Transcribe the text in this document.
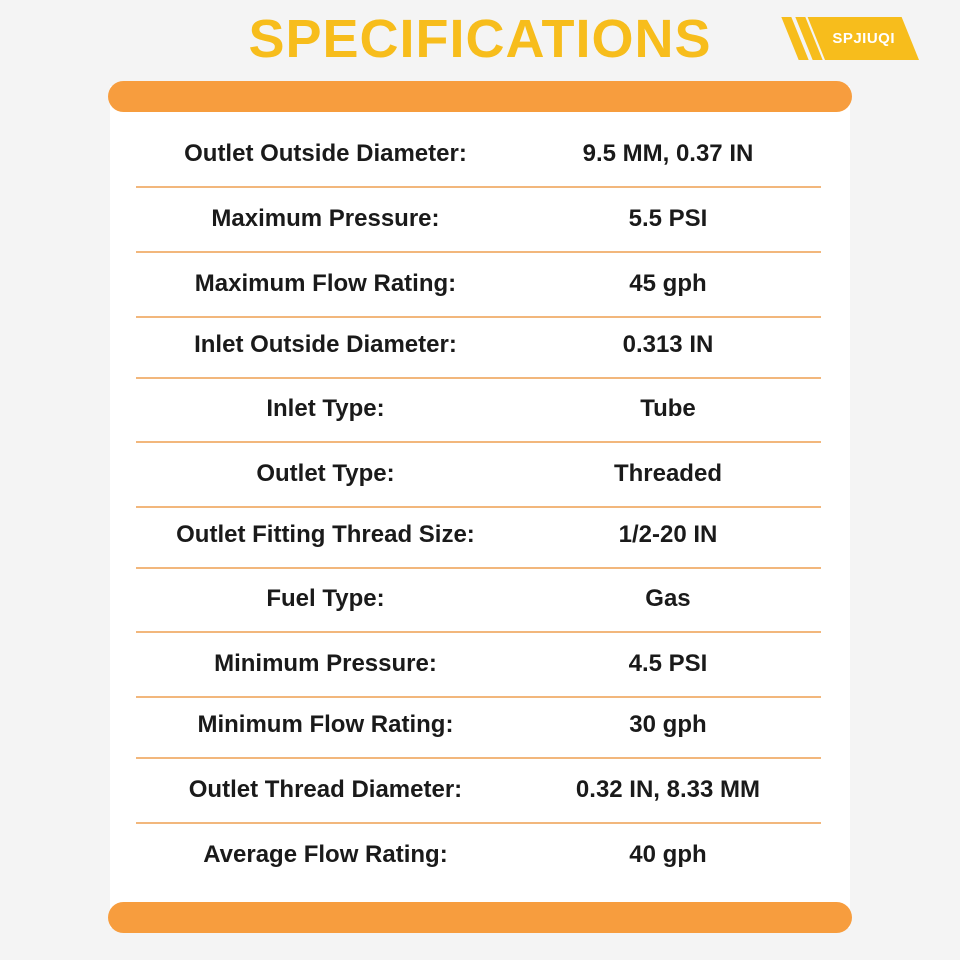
SPECIFICATIONS	SPJIUQI
Outlet Outside Diameter:	9.5 MM, 0.37 IN
Maximum Pressure:	5.5 PSI
Maximum Flow Rating:	45 gph
Inlet Outside Diameter:	0.313 IN
Inlet Type:	Tube
Outlet Type:	Threaded
Outlet Fitting Thread Size:	1/2-20 IN
Fuel Type:	Gas
Minimum Pressure:	4.5 PSI
Minimum Flow Rating:	30 gph
Outlet Thread Diameter:	0.32 IN, 8.33 MM
Average Flow Rating:	40 gph
